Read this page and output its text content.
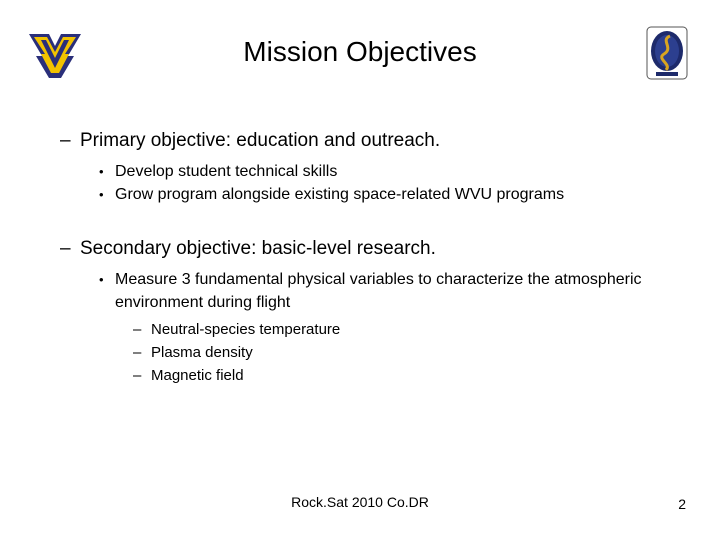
Mission Objectives
– Primary objective: education and outreach.
• Develop student technical skills
• Grow program alongside existing space-related WVU programs
– Secondary objective: basic-level research.
• Measure 3 fundamental physical variables to characterize the atmospheric environment during flight
– Neutral-species temperature
– Plasma density
– Magnetic field
Rock.Sat 2010 Co.DR	2
